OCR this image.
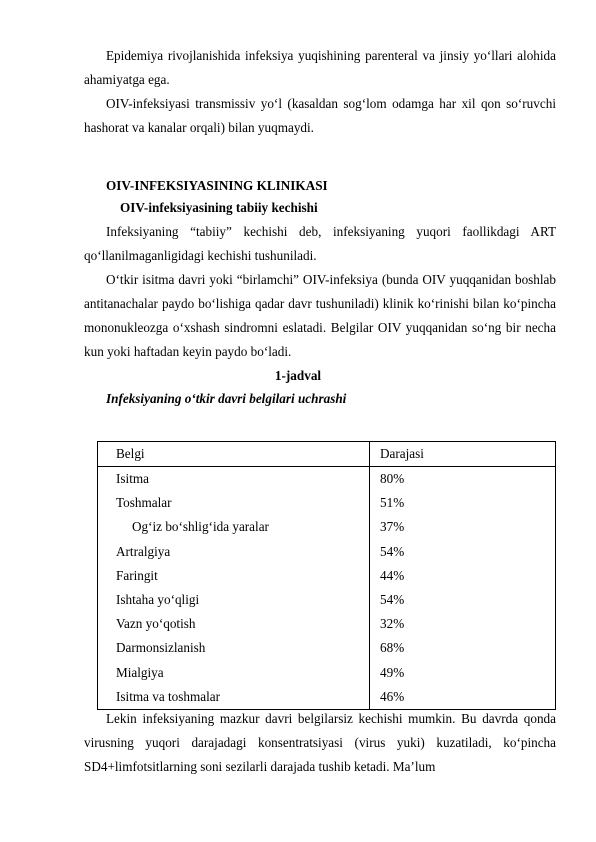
Epidemiya rivojlanishida infeksiya yuqishining parenteral va jinsiy yo‘llari alohida ahamiyatga ega.

OIV-infeksiyasi transmissiv yo‘l (kasaldan sog‘lom odamga har xil qon so‘ruvchi hashorat va kanalar orqali) bilan yuqmaydi.

OIV-INFEKSIYASINING KLINIKASI

OIV-infeksiyasining tabiiy kechishi

Infeksiyaning “tabiiy” kechishi deb, infeksiyaning yuqori faollikdagi ART qo‘llanilmaganligidagi kechishi tushuniladi.

O‘tkir isitma davri yoki “birlamchi” OIV-infeksiya (bunda OIV yuqqanidan boshlab antitanachalar paydo bo‘lishiga qadar davr tushuniladi) klinik ko‘rinishi bilan ko‘pincha mononukleozga o‘xshash sindromni eslatadi. Belgilar OIV yuqqanidan so‘ng bir necha kun yoki haftadan keyin paydo bo‘ladi.

1-jadval

Infeksiyaning o‘tkir davri belgilari uchrashi

Belgi	Darajasi
Isitma	80%
Toshmalar	51%
Og‘iz bo‘shlig‘ida yaralar	37%
Artralgiya	54%
Faringit	44%
Ishtaha yo‘qligi	54%
Vazn yo‘qotish	32%
Darmonsizlanish	68%
Mialgiya	49%
Isitma va toshmalar	46%

Lekin infeksiyaning mazkur davri belgilarsiz kechishi mumkin. Bu davrda qonda virusning yuqori darajadagi konsentratsiyasi (virus yuki) kuzatiladi, ko‘pincha SD4+limfotsitlarning soni sezilarli darajada tushib ketadi. Ma’lum
